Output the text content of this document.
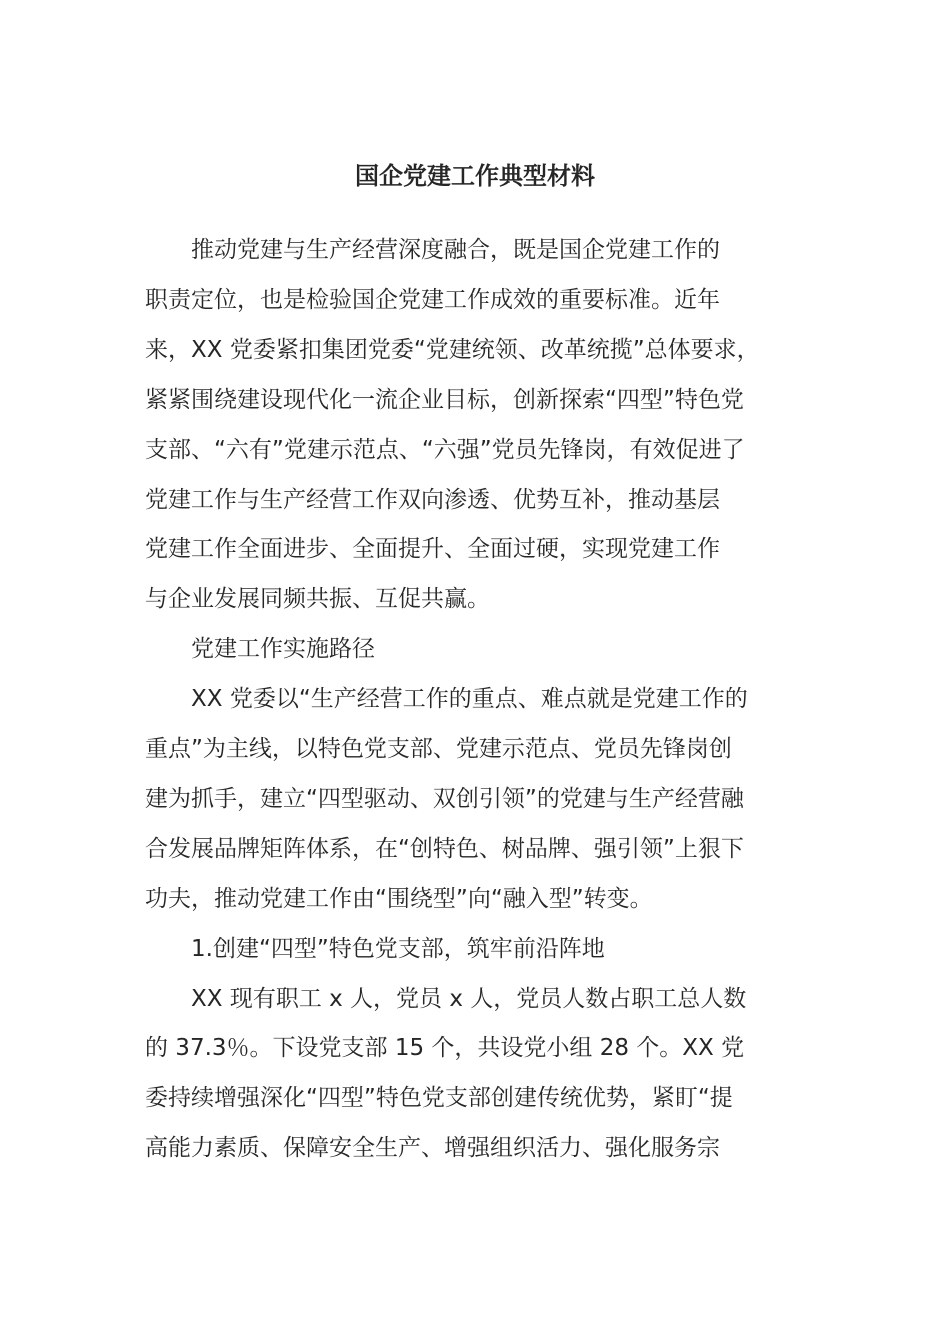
国企党建工作典型材料
　　推动党建与生产经营深度融合，既是国企党建工作的
职责定位，也是检验国企党建工作成效的重要标准。近年
来，XX 党委紧扣集团党委“党建统领、改革统揽”总体要求，
紧紧围绕建设现代化一流企业目标，创新探索“四型”特色党
支部、“六有”党建示范点、“六强”党员先锋岗，有效促进了
党建工作与生产经营工作双向渗透、优势互补，推动基层
党建工作全面进步、全面提升、全面过硬，实现党建工作
与企业发展同频共振、互促共赢。
　　党建工作实施路径
　　XX 党委以“生产经营工作的重点、难点就是党建工作的
重点”为主线，以特色党支部、党建示范点、党员先锋岗创
建为抓手，建立“四型驱动、双创引领”的党建与生产经营融
合发展品牌矩阵体系，在“创特色、树品牌、强引领”上狠下
功夫，推动党建工作由“围绕型”向“融入型”转变。
　　1.创建“四型”特色党支部，筑牢前沿阵地
　　XX 现有职工 x 人，党员 x 人，党员人数占职工总人数
的 37.3％。下设党支部 15 个，共设党小组 28 个。XX 党
委持续增强深化“四型”特色党支部创建传统优势，紧盯“提
高能力素质、保障安全生产、增强组织活力、强化服务宗
